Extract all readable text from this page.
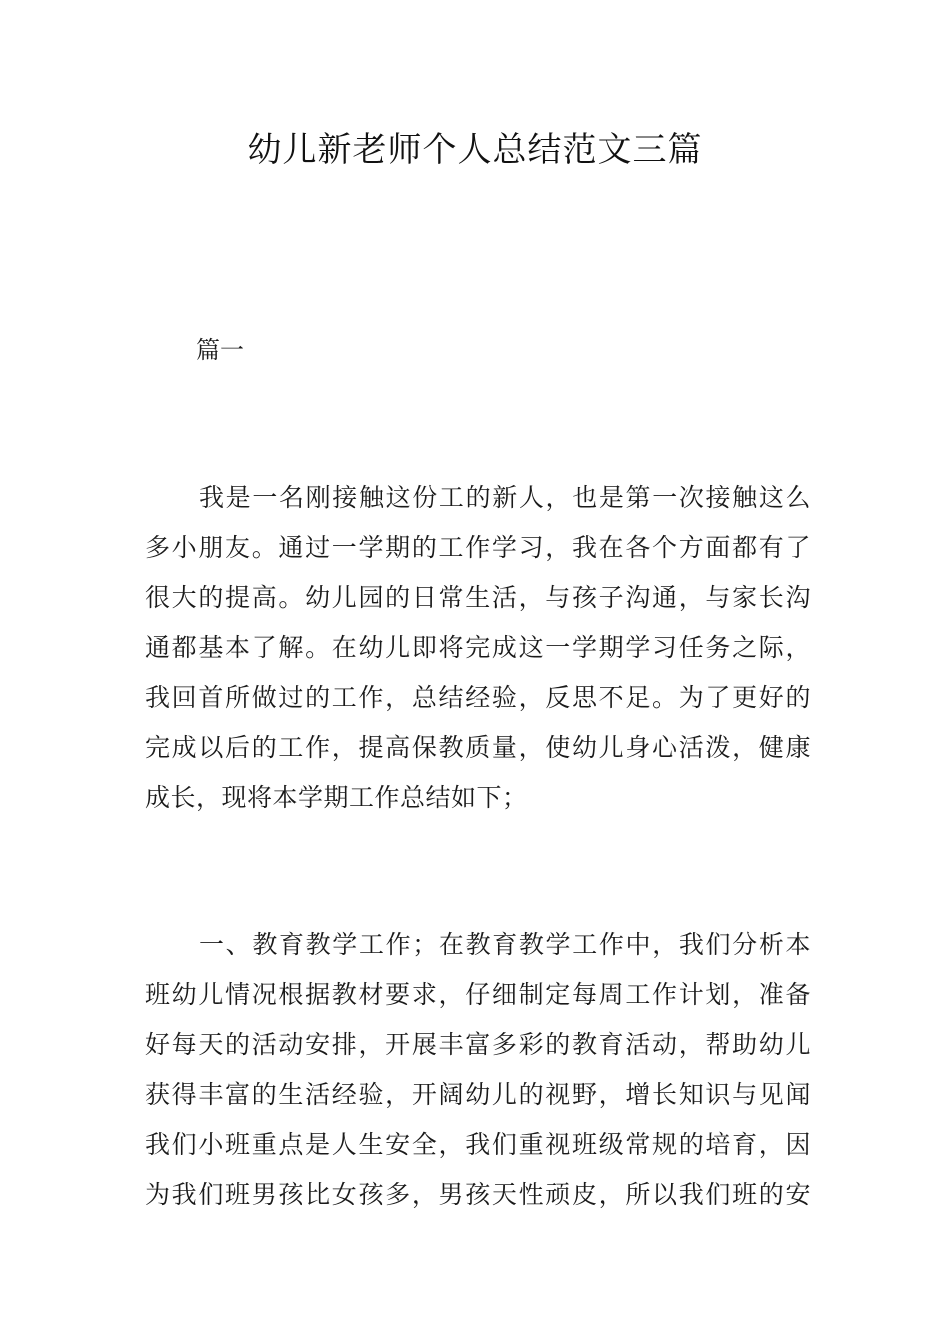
幼儿新老师个人总结范文三篇
篇一
我是一名刚接触这份工的新人，也是第一次接触这么
多小朋友。通过一学期的工作学习，我在各个方面都有了
很大的提高。幼儿园的日常生活，与孩子沟通，与家长沟
通都基本了解。在幼儿即将完成这一学期学习任务之际，
我回首所做过的工作，总结经验，反思不足。为了更好的
完成以后的工作，提高保教质量，使幼儿身心活泼，健康
成长，现将本学期工作总结如下；
一、教育教学工作；在教育教学工作中，我们分析本
班幼儿情况根据教材要求，仔细制定每周工作计划，准备
好每天的活动安排，开展丰富多彩的教育活动，帮助幼儿
获得丰富的生活经验，开阔幼儿的视野，增长知识与见闻
我们小班重点是人生安全，我们重视班级常规的培育，因
为我们班男孩比女孩多，男孩天性顽皮，所以我们班的安
